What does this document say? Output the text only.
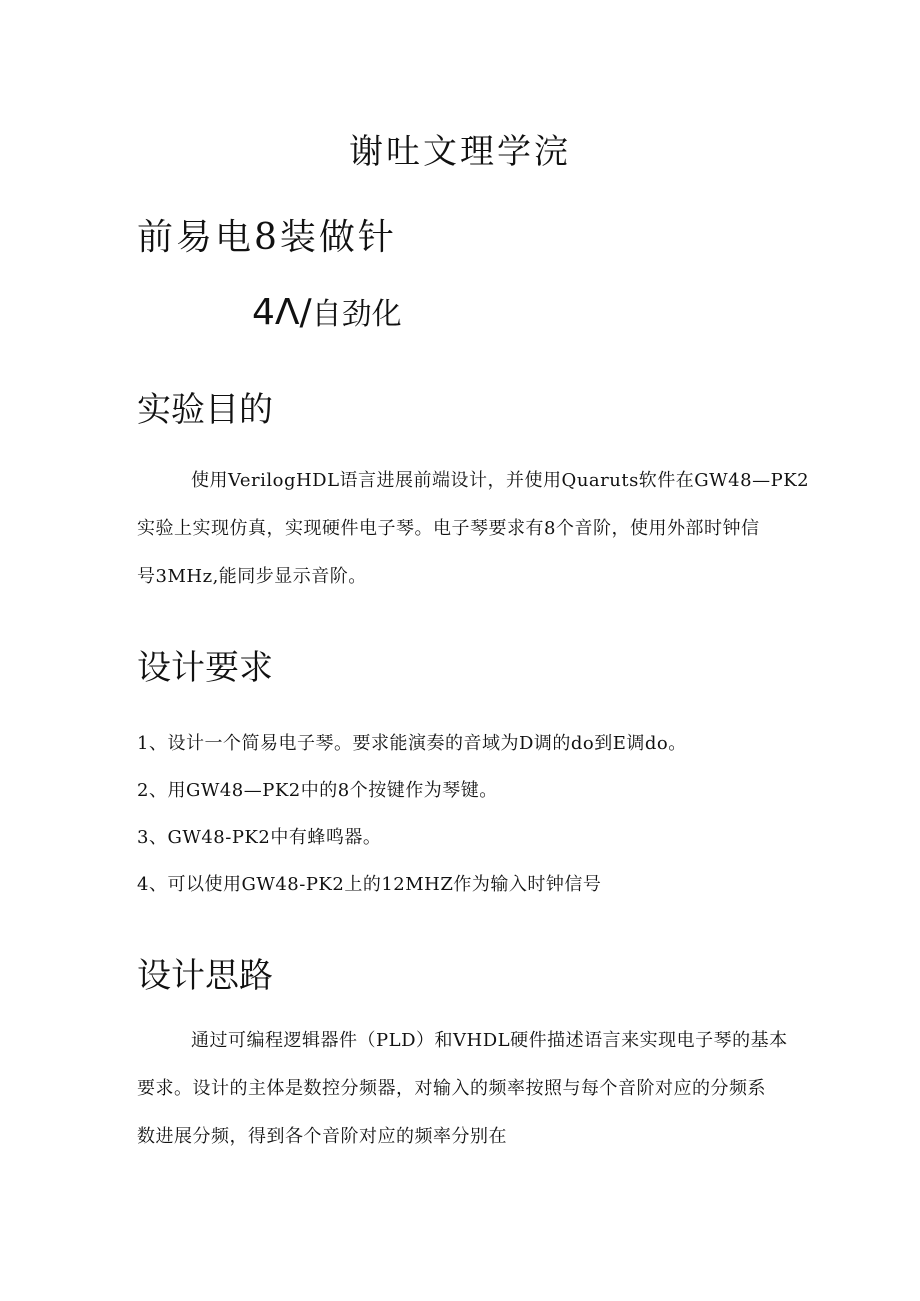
谢吐文理学浣
前易电8装做针
4Λ/自劲化
实验目的

使用VerilogHDL语言进展前端设计，并使用Quaruts软件在GW48—PK2

实验上实现仿真，实现硬件电子琴。电子琴要求有8个音阶，使用外部时钟信

号3MHz,能同步显示音阶。

设计要求
1、设计一个简易电子琴。要求能演奏的音域为D调的do到E调do。
2、用GW48—PK2中的8个按键作为琴键。
3、GW48-PK2中有蜂鸣器。
4、可以使用GW48-PK2上的12MHZ作为输入时钟信号
设计思路

通过可编程逻辑器件（PLD）和VHDL硬件描述语言来实现电子琴的基本

要求。设计的主体是数控分频器，对输入的频率按照与每个音阶对应的分频系

数进展分频，得到各个音阶对应的频率分别在
